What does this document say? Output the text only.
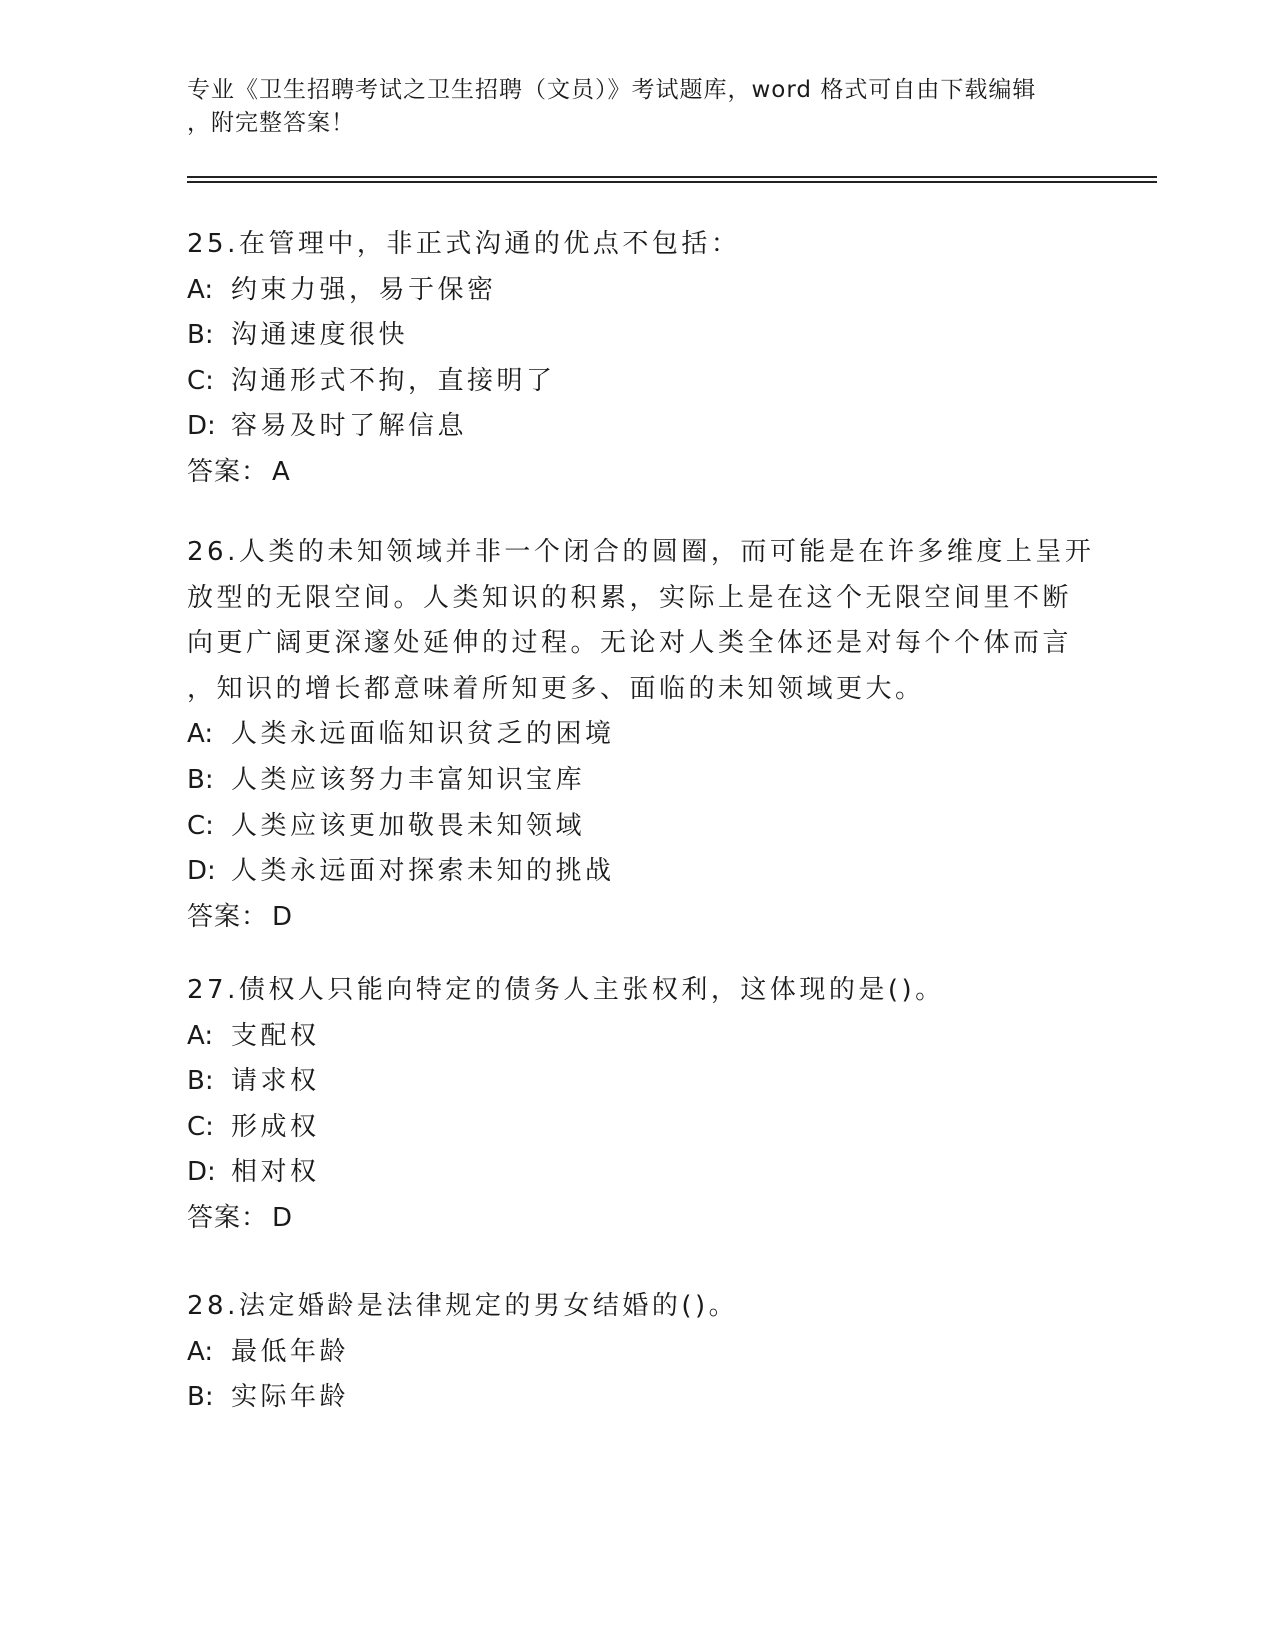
专业《卫生招聘考试之卫生招聘（文员）》考试题库，word 格式可自由下载编辑
，附完整答案！
25.在管理中，非正式沟通的优点不包括：
A: 约束力强，易于保密
B: 沟通速度很快
C: 沟通形式不拘，直接明了
D: 容易及时了解信息
答案： A
26.人类的未知领域并非一个闭合的圆圈，而可能是在许多维度上呈开
放型的无限空间。人类知识的积累，实际上是在这个无限空间里不断
向更广阔更深邃处延伸的过程。无论对人类全体还是对每个个体而言
，知识的增长都意味着所知更多、面临的未知领域更大。
A: 人类永远面临知识贫乏的困境
B: 人类应该努力丰富知识宝库
C: 人类应该更加敬畏未知领域
D: 人类永远面对探索未知的挑战
答案： D
27.债权人只能向特定的债务人主张权利，这体现的是()。
A: 支配权
B: 请求权
C: 形成权
D: 相对权
答案： D
28.法定婚龄是法律规定的男女结婚的()。
A: 最低年龄
B: 实际年龄
